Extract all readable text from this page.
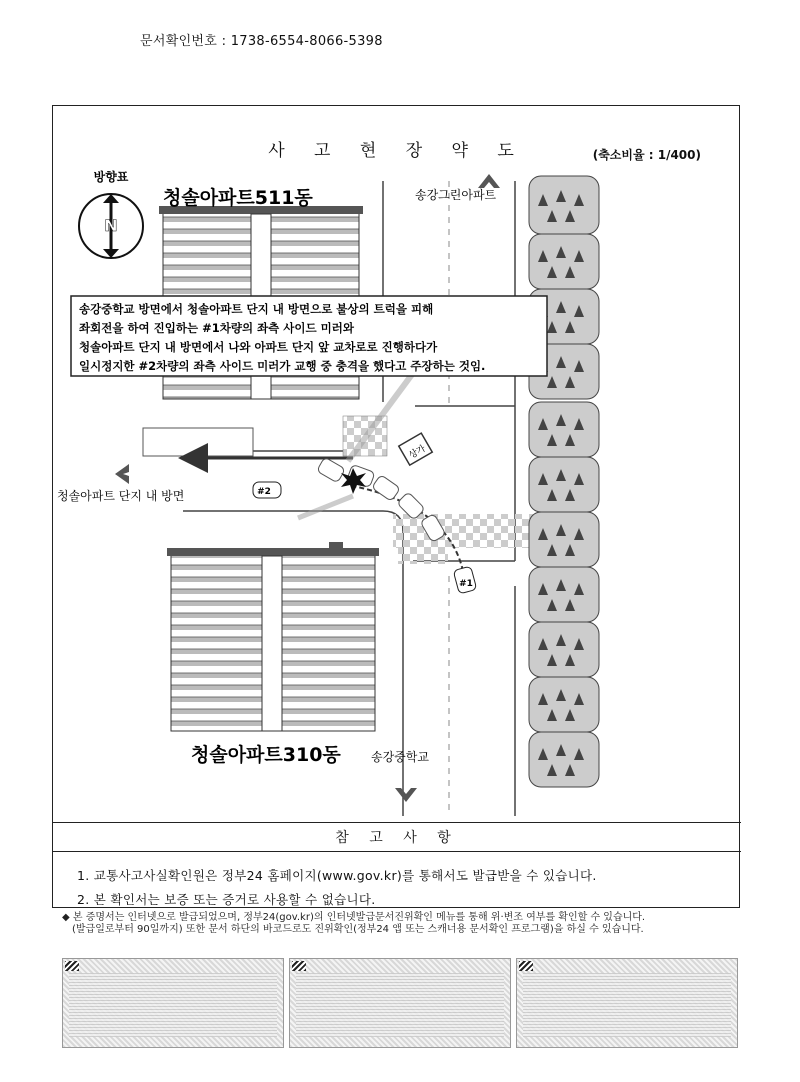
문서확인번호 : 1738-6554-8066-5398
사 고 현 장 약 도	(축소비율 : 1/400)
N
방향표
상가
#1
#2
청솔아파트511동	송강그린아파트
청솔아파트 단지 내 방면
청솔아파트310동	송강중학교
송강중학교 방면에서 청솔아파트 단지 내 방면으로 불상의 트럭을 피해
좌회전을 하여 진입하는 #1차량의 좌측 사이드 미러와
청솔아파트 단지 내 방면에서 나와 아파트 단지 앞 교차로로 진행하다가
일시정지한 #2차량의 좌측 사이드 미러가 교행 중 충격을 했다고 주장하는 것임.
참 고 사 항
1. 교통사고사실확인원은 정부24 홈페이지(www.gov.kr)를 통해서도 발급받을 수 있습니다.
2. 본 확인서는 보증 또는 증거로 사용할 수 없습니다.
◆ 본 증명서는 인터넷으로 발급되었으며, 정부24(gov.kr)의 인터넷발급문서진위확인 메뉴를 통해 위·변조 여부를 확인할 수 있습니다.
(발급일로부터 90일까지) 또한 문서 하단의 바코드로도 진위확인(정부24 앱 또는 스캐너용 문서확인 프로그램)을 하실 수 있습니다.
